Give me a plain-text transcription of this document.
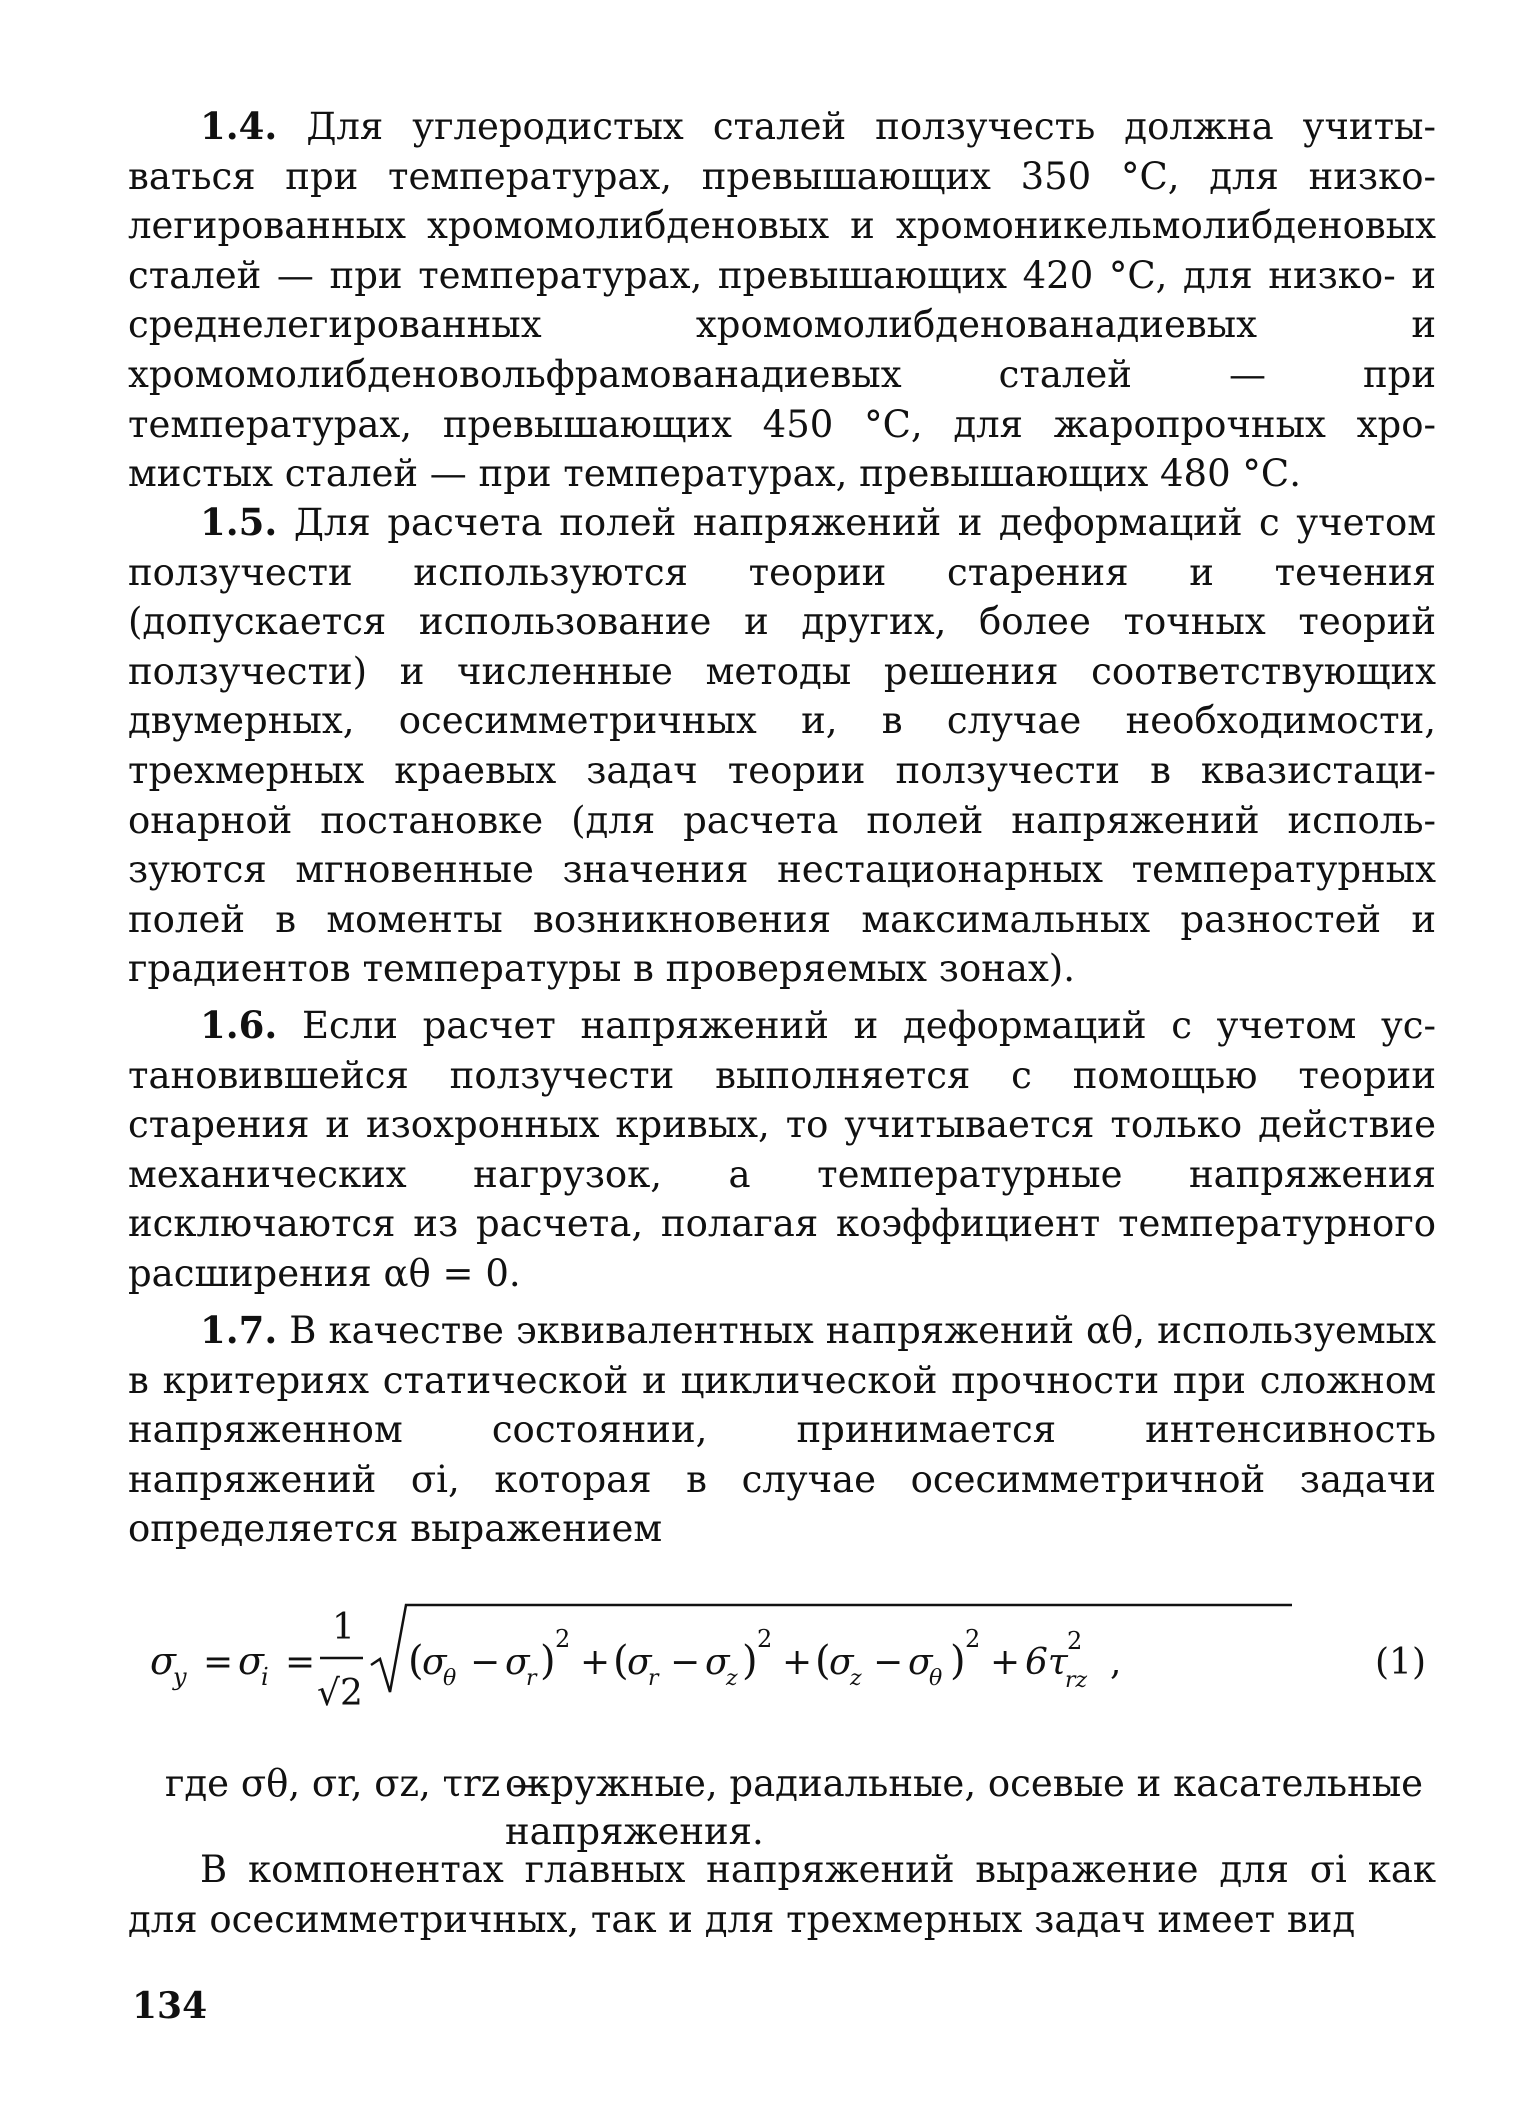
1.4. Для углеродистых сталей ползучесть должна учитываться при температурах, превышающих 350 °С, для низколегированных хромомолибденовых и хромоникельмолибденовых сталей — при температурах, превышающих 420 °С, для низко- и среднелегированных хромомолибденованадиевых и хромомолибденовольфрамованадиевых сталей — при температурах, превышающих 450 °С, для жаропрочных хромистых сталей — при температурах, превышающих 480 °С.

1.5. Для расчета полей напряжений и деформаций с учетом ползучести используются теории старения и течения (допускается использование и других, более точных теорий ползучести) и численные методы решения соответствующих двумерных, осесимметричных и, в случае необходимости, трехмерных краевых задач теории ползучести в квазистационарной постановке (для расчета полей напряжений используются мгновенные значения нестационарных температурных полей в моменты возникновения максимальных разностей и градиентов температуры в проверяемых зонах).

1.6. Если расчет напряжений и деформаций с учетом установившейся ползучести выполняется с помощью теории старения и изохронных кривых, то учитывается только действие механических нагрузок, а температурные напряжения исключаются из расчета, полагая коэффициент температурного расширения αθ = 0.

1.7. В качестве эквивалентных напряжений αθ, используемых в критериях статической и циклической прочности при сложном напряженном состоянии, принимается интенсивность напряжений σi, которая в случае осесимметричной задачи определяется выражением

σ
y = σ
i =
1
√2
(
σ
θ − σ
r ) 2
+ (
σ
r − σ
z ) 2
+ (
σ
z − σ
θ ) 2
+ 6τ
2
rz ,	(1)
где σθ, σr, σz, τrz —

окружные, радиальные, осевые и касательные напряжения.

В компонентах главных напряжений выражение для σi как для осесимметричных, так и для трехмерных задач имеет вид

134
